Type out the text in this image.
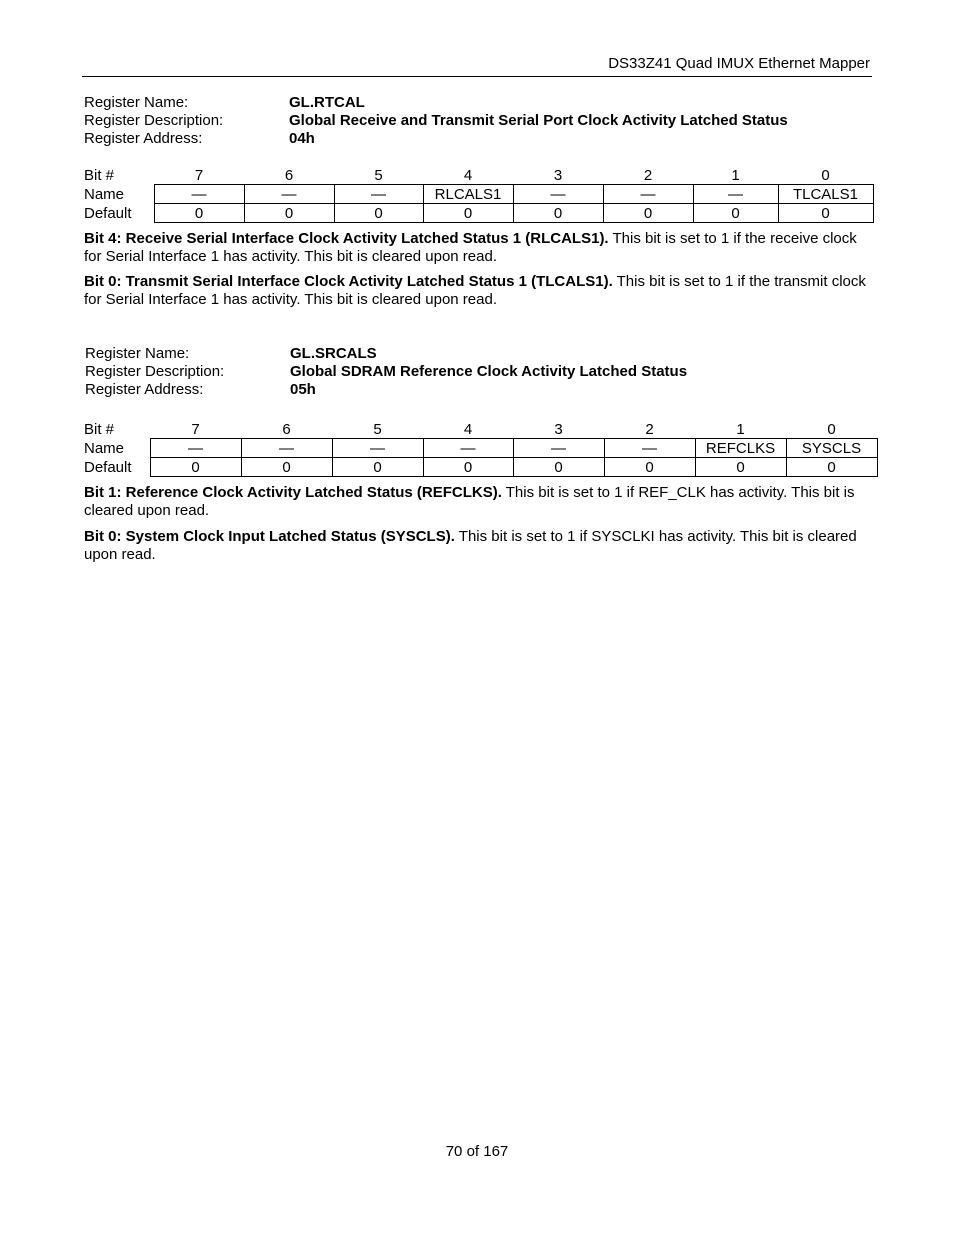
DS33Z41 Quad IMUX Ethernet Mapper
Register Name:	GL.RTCAL
Register Description:	Global Receive and Transmit Serial Port Clock Activity Latched Status
Register Address:	04h
Bit #	7	6	5	4	3	2	1	0
Name	—	—	—	RLCALS1	—	—	—	TLCALS1
Default	0	0	0	0	0	0	0	0
Bit 4: Receive Serial Interface Clock Activity Latched Status 1 (RLCALS1). This bit is set to 1 if the receive clock for Serial Interface 1 has activity. This bit is cleared upon read.
Bit 0: Transmit Serial Interface Clock Activity Latched Status 1 (TLCALS1). This bit is set to 1 if the transmit clock for Serial Interface 1 has activity. This bit is cleared upon read.
Register Name:	GL.SRCALS
Register Description:	Global SDRAM Reference Clock Activity Latched Status
Register Address:	05h
Bit #	7	6	5	4	3	2	1	0
Name	—	—	—	—	—	—	REFCLKS	SYSCLS
Default	0	0	0	0	0	0	0	0
Bit 1: Reference Clock Activity Latched Status (REFCLKS). This bit is set to 1 if REF_CLK has activity. This bit is cleared upon read.
Bit 0: System Clock Input Latched Status (SYSCLS). This bit is set to 1 if SYSCLKI has activity. This bit is cleared upon read.
70 of 167
